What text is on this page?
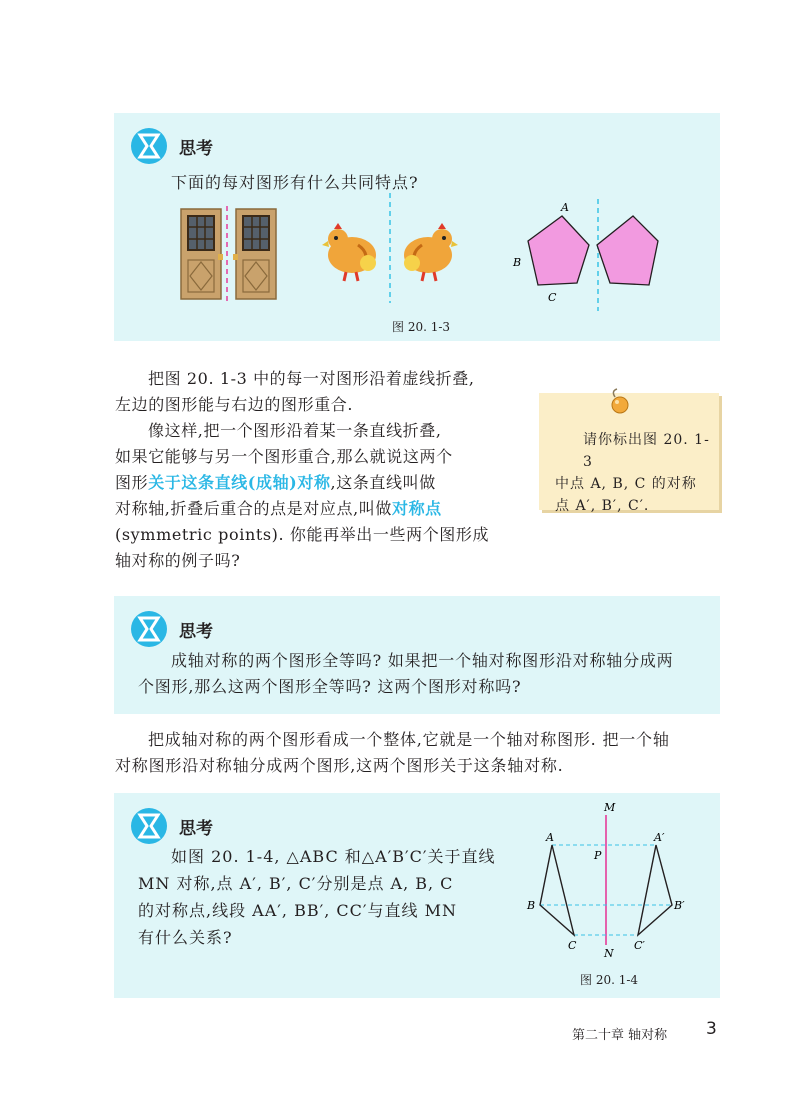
思考
下面的每对图形有什么共同特点?
A
B
C
图 20. 1-3
把图 20. 1-3 中的每一对图形沿着虚线折叠,
左边的图形能与右边的图形重合.
像这样,把一个图形沿着某一条直线折叠,
如果它能够与另一个图形重合,那么就说这两个
图形关于这条直线(成轴)对称,这条直线叫做
对称轴,折叠后重合的点是对应点,叫做对称点
(symmetric points). 你能再举出一些两个图形成
轴对称的例子吗?
请你标出图 20. 1-3
中点 A, B, C 的对称
点 A′, B′, C′.
思考
成轴对称的两个图形全等吗? 如果把一个轴对称图形沿对称轴分成两
个图形,那么这两个图形全等吗? 这两个图形对称吗?
把成轴对称的两个图形看成一个整体,它就是一个轴对称图形. 把一个轴
对称图形沿对称轴分成两个图形,这两个图形关于这条轴对称.
思考
如图 20. 1-4, △ABC 和△A′B′C′关于直线
MN 对称,点 A′, B′, C′分别是点 A, B, C
的对称点,线段 AA′, BB′, CC′与直线 MN
有什么关系?
M
N
P
A
B
C
A′
B′
C′
图 20. 1-4
第二十章 轴对称 3
